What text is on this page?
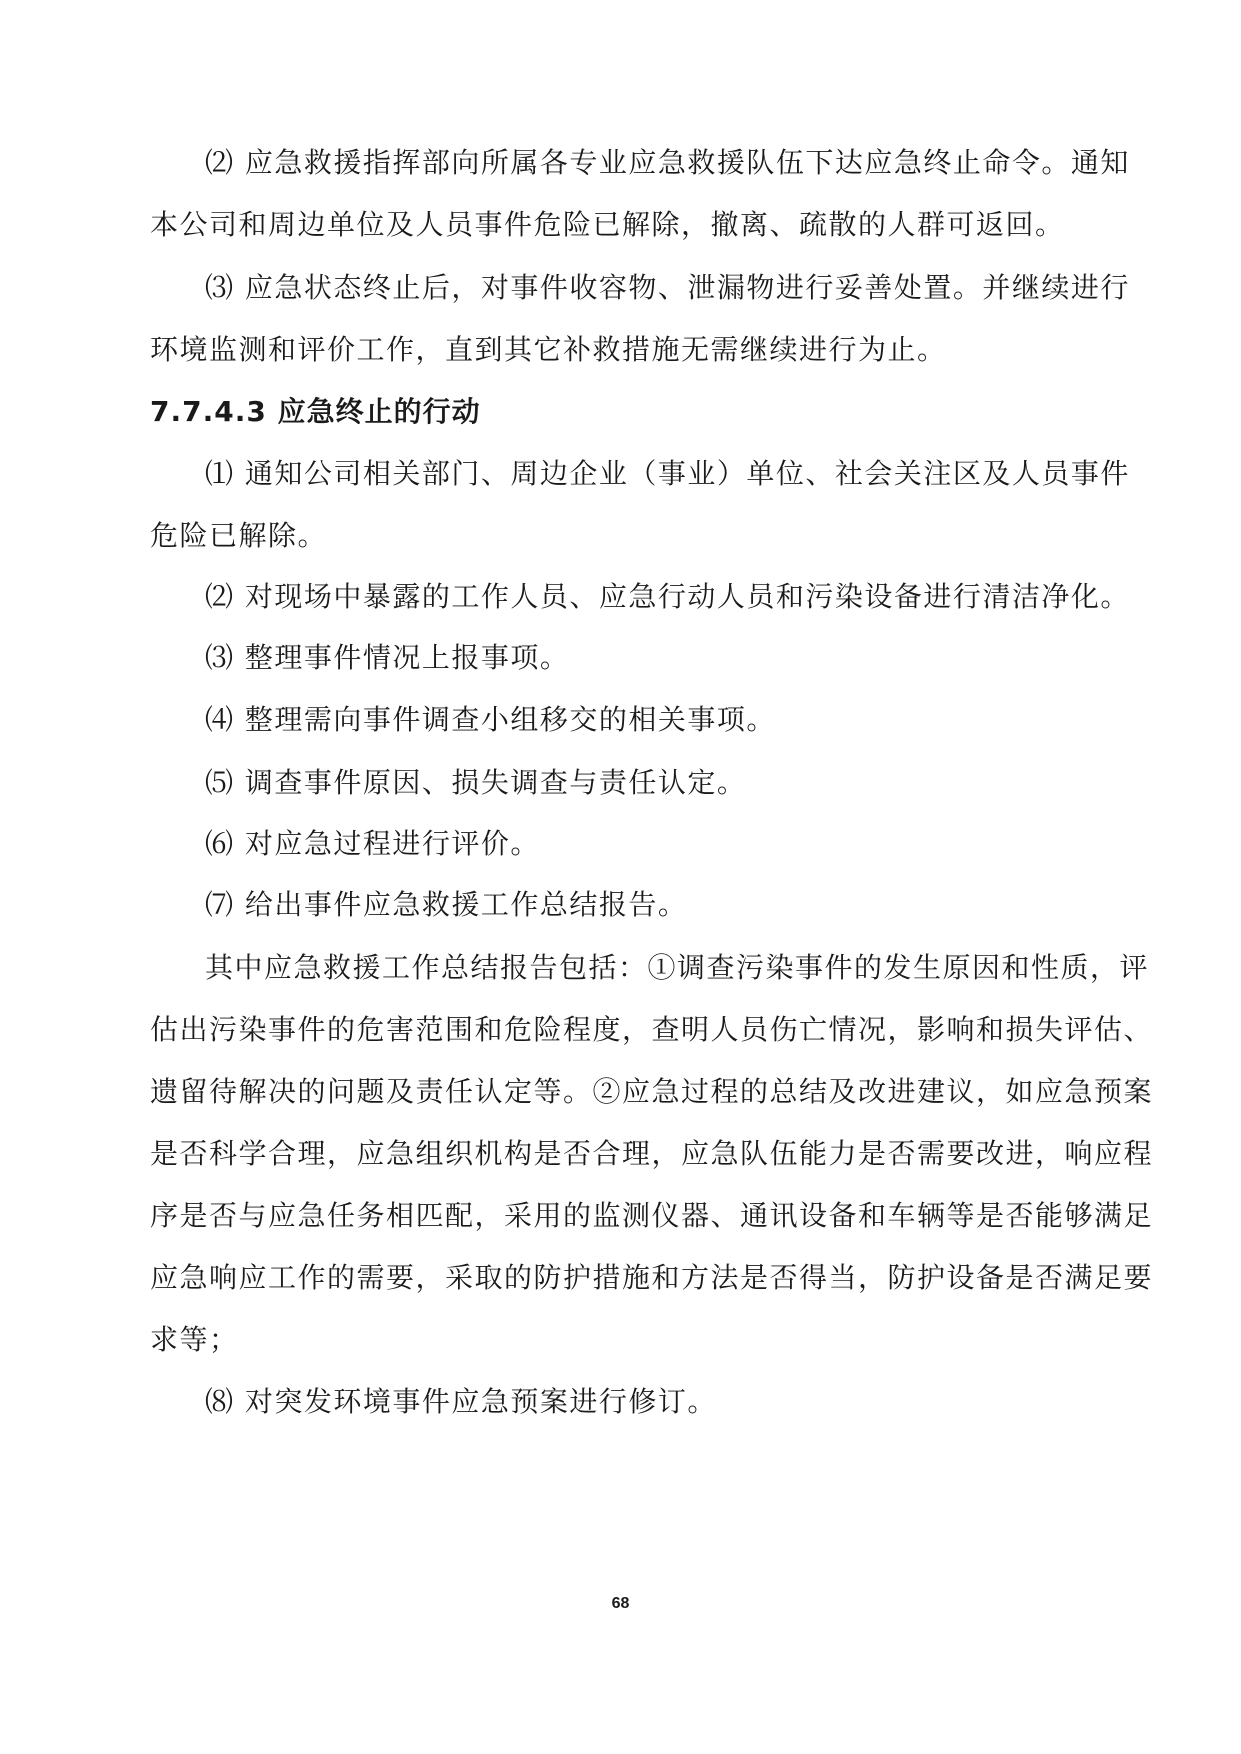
⑵ 应急救援指挥部向所属各专业应急救援队伍下达应急终止命令。通知
本公司和周边单位及人员事件危险已解除，撤离、疏散的人群可返回。
⑶ 应急状态终止后，对事件收容物、泄漏物进行妥善处置。并继续进行
环境监测和评价工作，直到其它补救措施无需继续进行为止。
7.7.4.3 应急终止的行动
⑴ 通知公司相关部门、周边企业（事业）单位、社会关注区及人员事件
危险已解除。
⑵ 对现场中暴露的工作人员、应急行动人员和污染设备进行清洁净化。
⑶ 整理事件情况上报事项。
⑷ 整理需向事件调查小组移交的相关事项。
⑸ 调查事件原因、损失调查与责任认定。
⑹ 对应急过程进行评价。
⑺ 给出事件应急救援工作总结报告。
其中应急救援工作总结报告包括：①调查污染事件的发生原因和性质，评
估出污染事件的危害范围和危险程度，查明人员伤亡情况，影响和损失评估、
遗留待解决的问题及责任认定等。②应急过程的总结及改进建议，如应急预案
是否科学合理，应急组织机构是否合理，应急队伍能力是否需要改进，响应程
序是否与应急任务相匹配，采用的监测仪器、通讯设备和车辆等是否能够满足
应急响应工作的需要，采取的防护措施和方法是否得当，防护设备是否满足要
求等；
⑻ 对突发环境事件应急预案进行修订。
68
